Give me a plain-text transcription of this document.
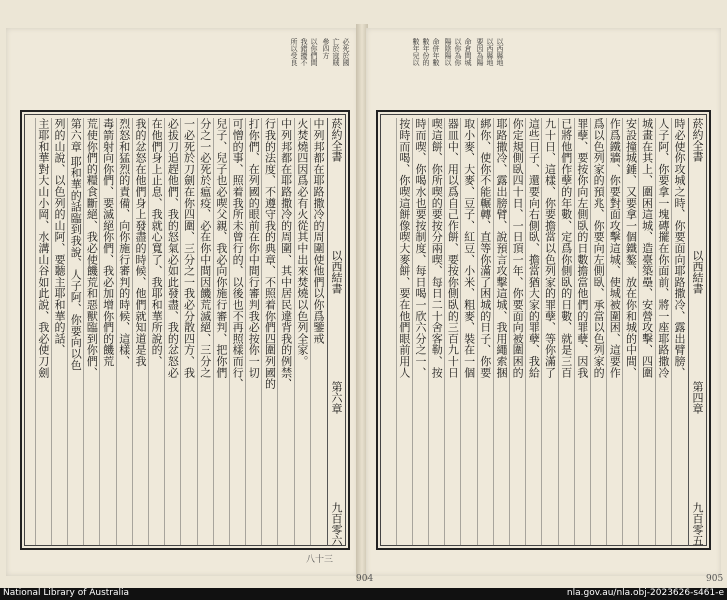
必死於國
亡於寇賊
參四方
以你們間
我錯擾不
所以受良
菸約全書
以西結書
第六章
九百零六
中列邦都在耶路撒冷的周圍使他們以你爲鑒戒
火焚燒四因爲必有火從其中出來焚燒以色列全家。
中列邦都在耶路撒冷的周圍、其中居民違背我的例禁、
行我的法度、不遵守我的典章、不照着你們四圍列國的
打你們、在列國的眼前在你中間行審判我必按你一切
可憎的事、照着我所未曾行的、以後也不再照樣而行、
兒子、兒子也必喫父親、我必向你施行審判、把你們
分之一必死於瘟疫、必在你中間因饑荒滅絕、三分之
一必死於刀劍在你四圍、三分之一我必分散四方、我
必拔刀追趕他們、我的怒氣必如此發盡、我的忿怒必
在他們身上止息、我就心寬了、我耶和華所說的、
我的忿怒在他們身上發盡的時候、他們就知道是我
烈怒和猛烈的責備、向你施行審判的時候、這樣、
毒箭射向你們、要滅絕你們、我必加增你們的饑荒
荒使你們的糧食斷絕、我必使饑荒和惡獸臨到你們、
第六章 耶和華的話臨到我說、人子阿、你要向以色
列的山說、以色列的山阿、要聽主耶和華的話、
主耶和華對大山小岡、水溝山谷如此說、我必使刀劍
八十三
以西縣地
以西縣地
要因為陽
命倉間城
以你為你
陽陰陽以
命併年數
數年份的
數年兒以
菸約全書
以西結書
第四章
九百零五
時必使你攻城之時、你要面向耶路撒冷、露出臂膀、
人子阿、你要拿一塊磚擺在你面前、將一座耶路撒冷
城畫在其上、圍困這城、造臺築壘、安營攻擊、四圍
安設撞城錘、又要拿一個鐵鏊、放在你和城的中間、
作爲鐵牆、你要對面攻擊這城、使城被圍困、這要作
爲以色列家的預兆、你要向左側臥、承當以色列家的
罪孽、要按你向左側臥的日數擔當他們的罪孽、因我
已將他們作孽的年數、定爲你側臥的日數、就是三百
九十日、這樣、你要擔當以色列家的罪孽、等你滿了
這些日子、還要向右側臥、擔當猶大家的罪孽、我給
你定規側臥四十日、一日頂一年、你要面向被圍困的
耶路撒冷、露出膀臂、說預言攻擊這城、我用繩索捆
綁你、使你不能輾轉、直等你滿了困城的日子、你要
取小麥、大麥、豆子、紅豆、小米、粗麥、裝在一個
器皿中、用以爲自己作餅、要按你側臥的三百九十日
喫這餅、你所喫的要按分兩喫、每日二十舍客勒、按
時而喫、你喝水也要按制度、每日喝一欣六分之一、
按時而喝、你喫這餅像喫大麥餅、要在他們眼前用人
904	905
National Library of Australia	nla.gov.au/nla.obj-2023626-s461-e
